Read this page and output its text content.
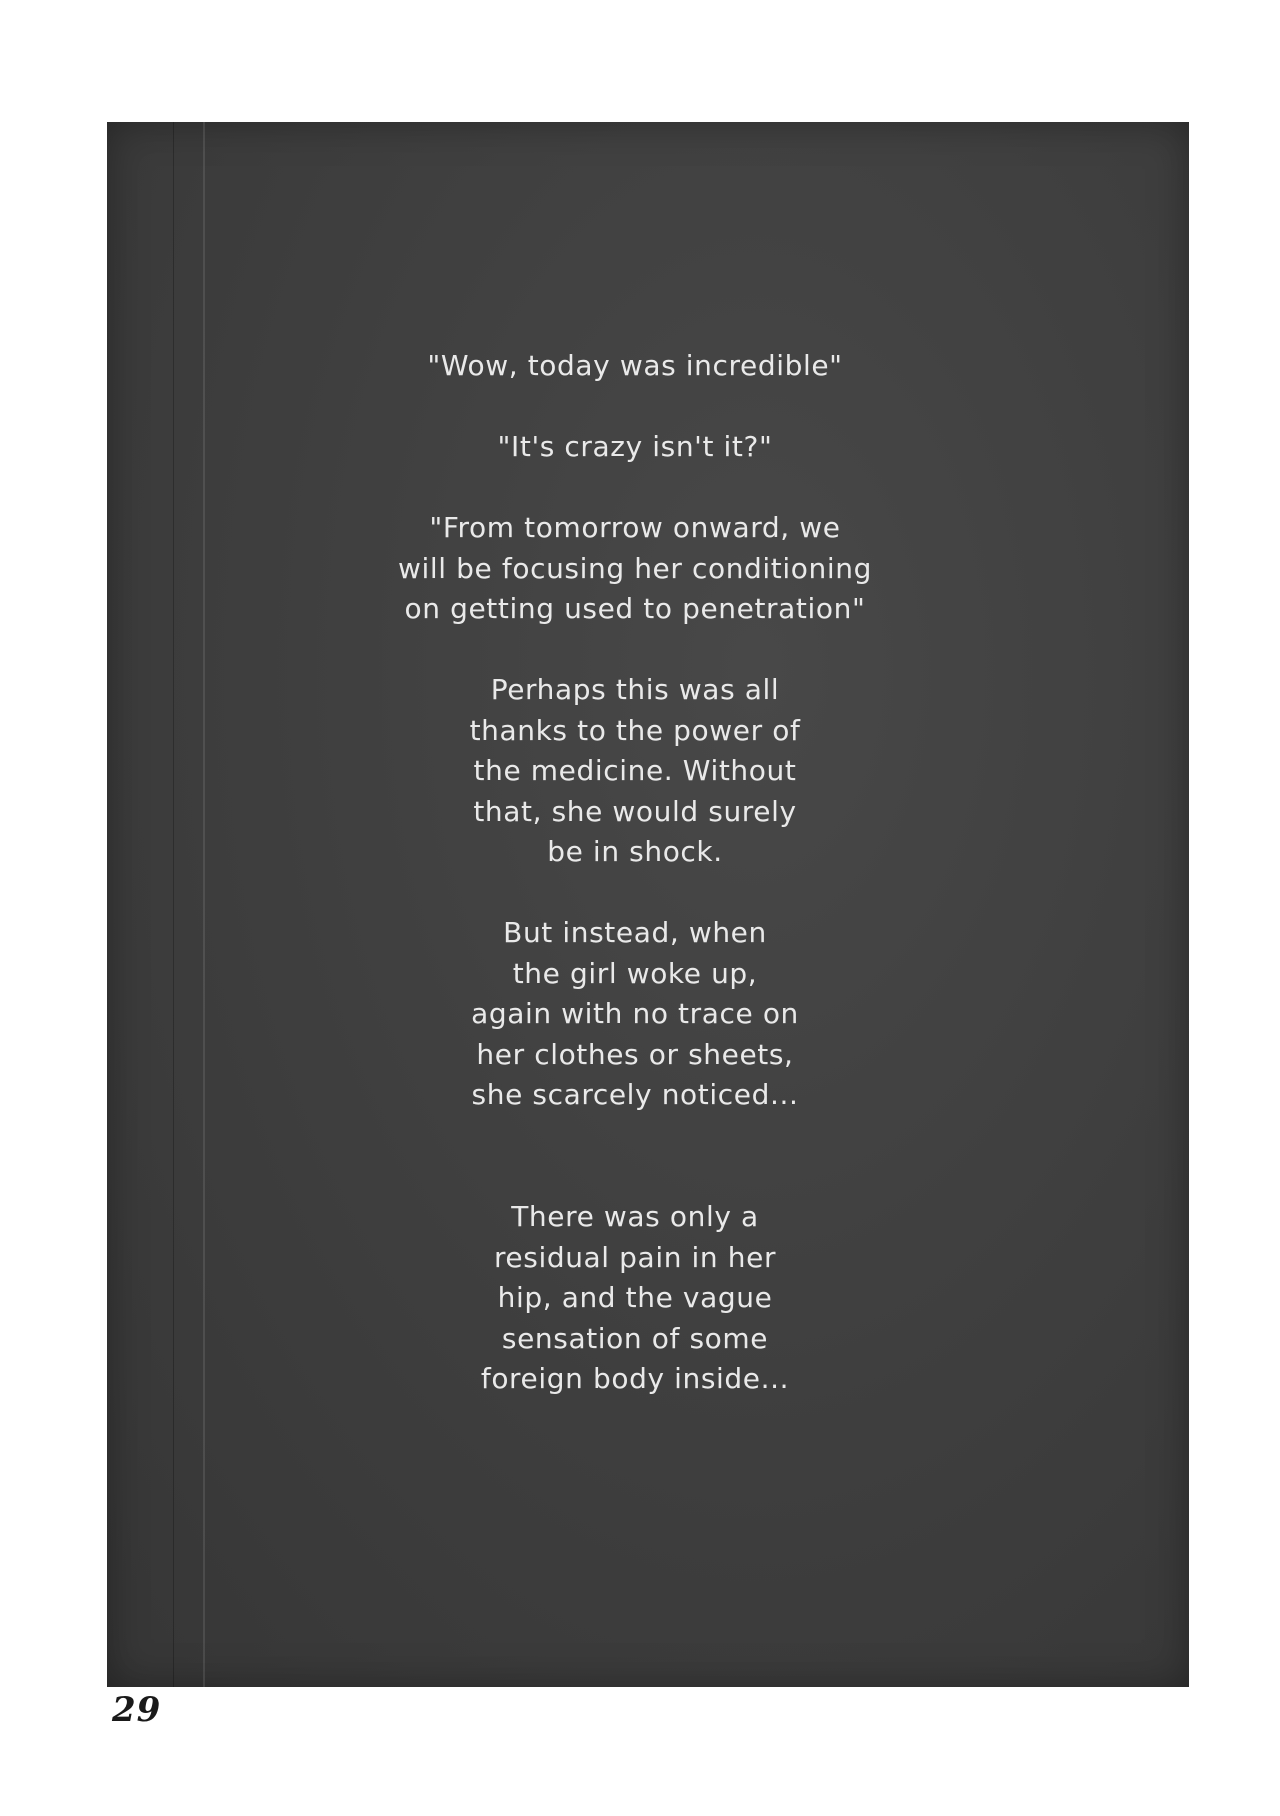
"Wow, today was incredible"

"It's crazy isn't it?"

"From tomorrow onward, we
will be focusing her conditioning
on getting used to penetration"

Perhaps this was all
thanks to the power of
the medicine. Without
that, she would surely
be in shock.

But instead, when
the girl woke up,
again with no trace on
her clothes or sheets,
she scarcely noticed...

There was only a
residual pain in her
hip, and the vague
sensation of some
foreign body inside...

29
